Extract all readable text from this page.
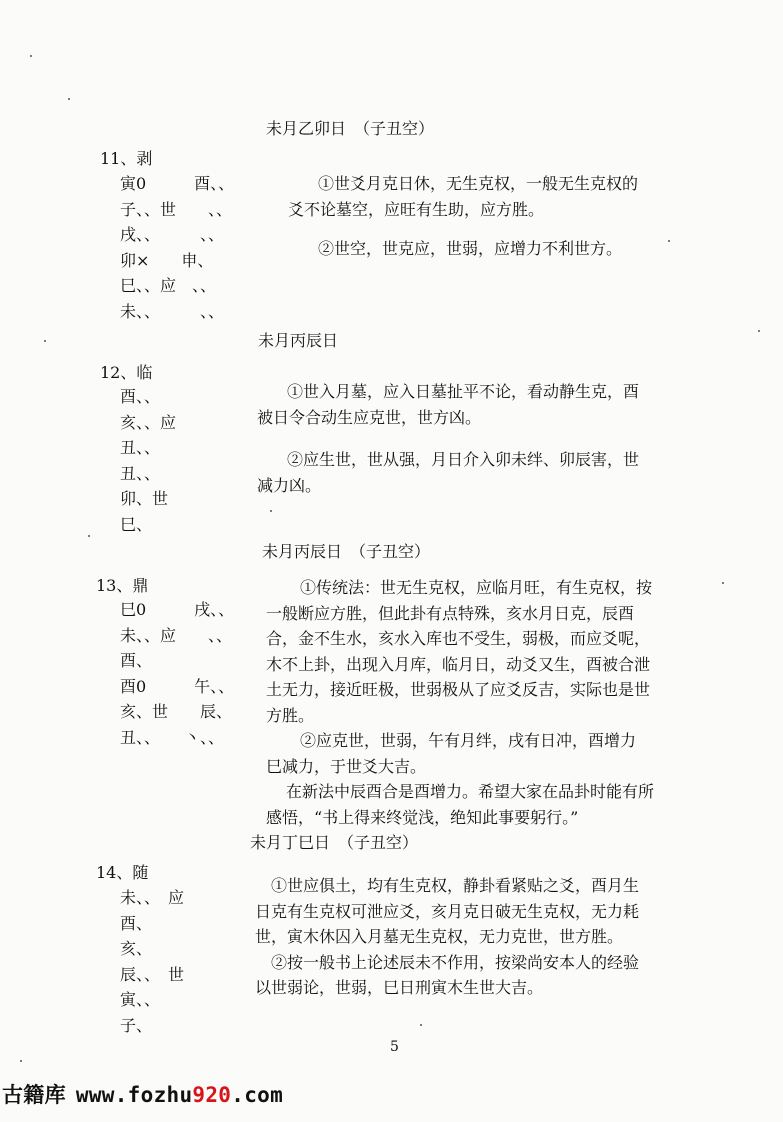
未月乙卯日　（子丑空）
11、剥
寅0　　　酉、、
子、、世　　、、
戌、、　　　、、
卯×　　申、
巳、、应　、、
未、、　　　、、
①世爻月克日休，无生克权，一般无生克权的
爻不论墓空，应旺有生助，应方胜。
②世空，世克应，世弱，应增力不利世方。
未月丙辰日
12、临
酉、、
亥、、应
丑、、
丑、、
卯、世
巳、
①世入月墓，应入日墓扯平不论，看动静生克，酉
被日令合动生应克世，世方凶。
②应生世，世从强，月日介入卯未绊、卯辰害，世
减力凶。
未月丙辰日　（子丑空）
13、鼎
巳0　　　戌、、
未、、应　　、、
酉、
酉0　　　午、、
亥、世　　辰、
丑、、　　丶、、
①传统法：世无生克权，应临月旺，有生克权，按
一般断应方胜，但此卦有点特殊，亥水月日克，辰酉
合，金不生水，亥水入库也不受生，弱极，而应爻呢，
木不上卦，出现入月库，临月日，动爻又生，酉被合泄
土无力，接近旺极，世弱极从了应爻反吉，实际也是世
方胜。
②应克世，世弱，午有月绊，戌有日冲，酉增力
巳减力，于世爻大吉。
在新法中辰酉合是酉增力。希望大家在品卦时能有所
感悟，“书上得来终觉浅，绝知此事要躬行。”
未月丁巳日　（子丑空）
14、随
未、、　应
酉、
亥、
辰、、　世
寅、、
子、
①世应俱土，均有生克权，静卦看紧贴之爻，酉月生
日克有生克权可泄应爻，亥月克日破无生克权，无力耗
世，寅木休囚入月墓无生克权，无力克世，世方胜。
②按一般书上论述辰未不作用，按梁尚安本人的经验
以世弱论，世弱，巳日刑寅木生世大吉。
5
古籍库 www.fozhu920.com
